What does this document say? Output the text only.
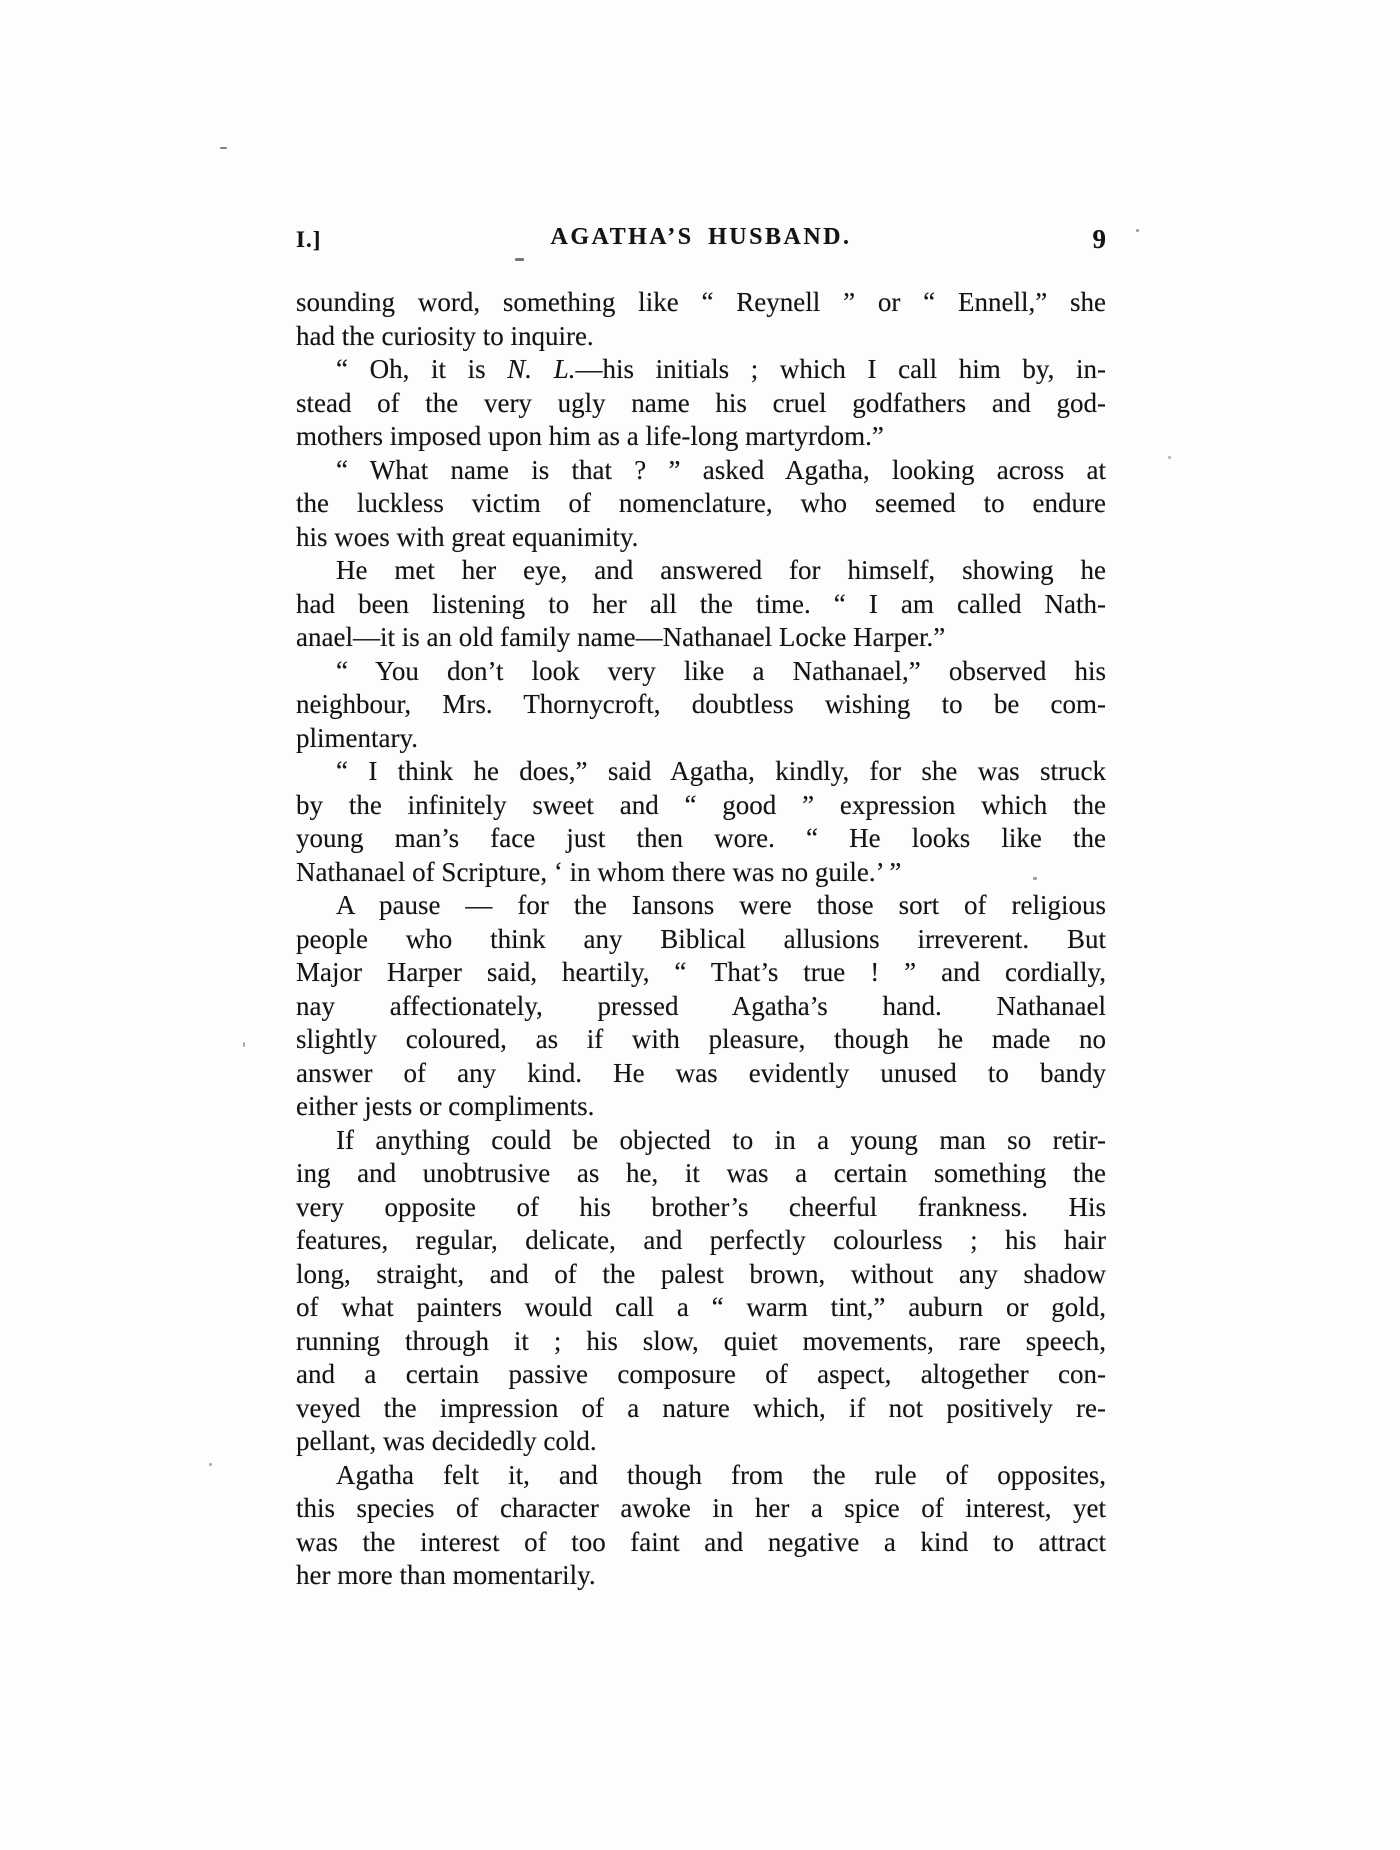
I.]	AGATHA’S HUSBAND.	9

sounding word, something like “ Reynell ” or “ Ennell,” she
had the curiosity to inquire.

“ Oh, it is N. L.—his initials ; which I call him by, in-
stead of the very ugly name his cruel godfathers and god-
mothers imposed upon him as a life-long martyrdom.”

“ What name is that ? ” asked Agatha, looking across at
the luckless victim of nomenclature, who seemed to endure
his woes with great equanimity.

He met her eye, and answered for himself, showing he
had been listening to her all the time. “ I am called Nath-
anael—it is an old family name—Nathanael Locke Harper.”

“ You don’t look very like a Nathanael,” observed his
neighbour, Mrs. Thornycroft, doubtless wishing to be com-
plimentary.

“ I think he does,” said Agatha, kindly, for she was struck
by the infinitely sweet and “ good ” expression which the
young man’s face just then wore. “ He looks like the
Nathanael of Scripture, ‘ in whom there was no guile.’ ”

A pause — for the Iansons were those sort of religious
people who think any Biblical allusions irreverent. But
Major Harper said, heartily, “ That’s true ! ” and cordially,
nay affectionately, pressed Agatha’s hand. Nathanael
slightly coloured, as if with pleasure, though he made no
answer of any kind. He was evidently unused to bandy
either jests or compliments.

If anything could be objected to in a young man so retir-
ing and unobtrusive as he, it was a certain something the
very opposite of his brother’s cheerful frankness. His
features, regular, delicate, and perfectly colourless ; his hair
long, straight, and of the palest brown, without any shadow
of what painters would call a “ warm tint,” auburn or gold,
running through it ; his slow, quiet movements, rare speech,
and a certain passive composure of aspect, altogether con-
veyed the impression of a nature which, if not positively re-
pellant, was decidedly cold.

Agatha felt it, and though from the rule of opposites,
this species of character awoke in her a spice of interest, yet
was the interest of too faint and negative a kind to attract
her more than momentarily.
